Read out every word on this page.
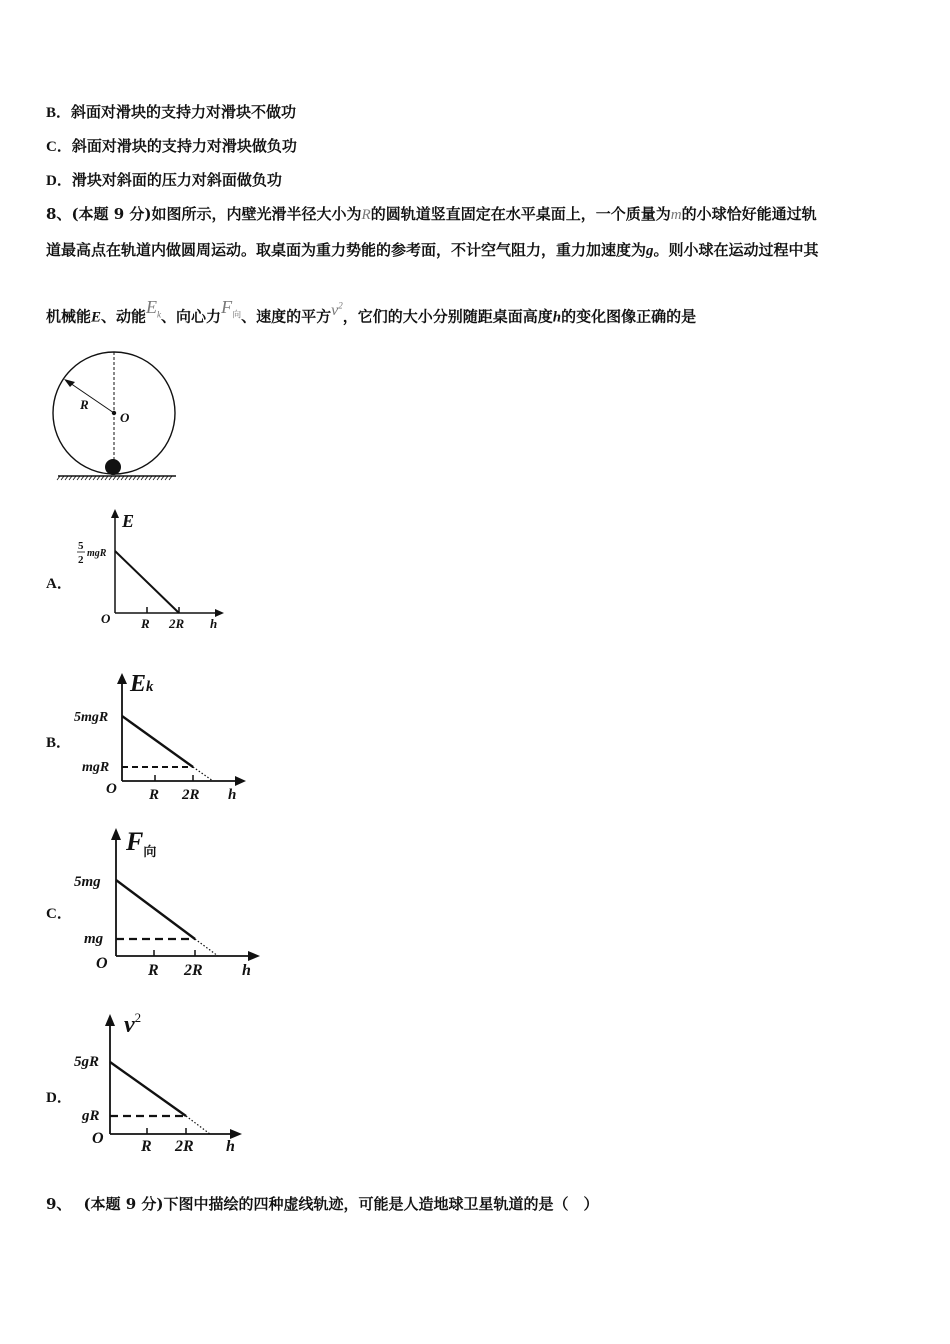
B．斜面对滑块的支持力对滑块不做功
C．斜面对滑块的支持力对滑块做负功
D．滑块对斜面的压力对斜面做负功
8、(本题 9 分)如图所示，内壁光滑半径大小为R的圆轨道竖直固定在水平桌面上，一个质量为m的小球恰好能通过轨
道最高点在轨道内做圆周运动。取桌面为重力势能的参考面，不计空气阻力，重力加速度为g。则小球在运动过程中其
机械能E、动能$E_k$、向心力$F_向$、速度的平方$v^2$，它们的大小分别随距桌面高度h的变化图像正确的是
R
O
A．
E
5
2
mgR
O R 2R h
B．
Ek
5mgR
mgR
O R 2R h
C．
$F_向$
5mg
mg
O	R 2R h
D．
$v^2$
5gR
gR
O R 2R h
9、 (本题 9 分)下图中描绘的四种虚线轨迹，可能是人造地球卫星轨道的是（　）
